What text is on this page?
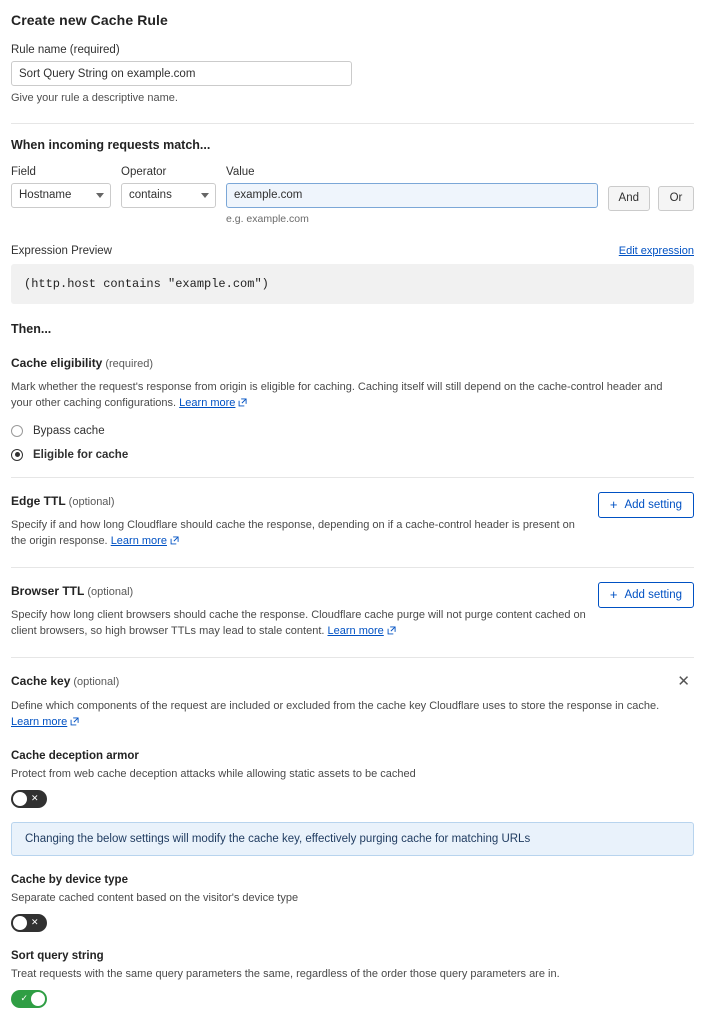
Create new Cache Rule
Rule name (required)
Sort Query String on example.com
Give your rule a descriptive name.
When incoming requests match...
Field
Hostname
Operator
contains
Value
example.com
e.g. example.com
And	Or
Expression Preview	Edit expression
(http.host contains "example.com")
Then...
Cache eligibility (required)
Mark whether the request's response from origin is eligible for caching. Caching itself will still depend on the cache-control header and your other caching configurations. Learn more
Bypass cache
Eligible for cache
Edge TTL (optional)
Specify if and how long Cloudflare should cache the response, depending on if a cache-control header is present on the origin response. Learn more
+ Add setting
Browser TTL (optional)
Specify how long client browsers should cache the response. Cloudflare cache purge will not purge content cached on client browsers, so high browser TTLs may lead to stale content. Learn more
+ Add setting
Cache key (optional)	✕
Define which components of the request are included or excluded from the cache key Cloudflare uses to store the response in cache.
Learn more
Cache deception armor
Protect from web cache deception attacks while allowing static assets to be cached
✕
Changing the below settings will modify the cache key, effectively purging cache for matching URLs
Cache by device type
Separate cached content based on the visitor's device type
✕
Sort query string
Treat requests with the same query parameters the same, regardless of the order those query parameters are in.
✓
